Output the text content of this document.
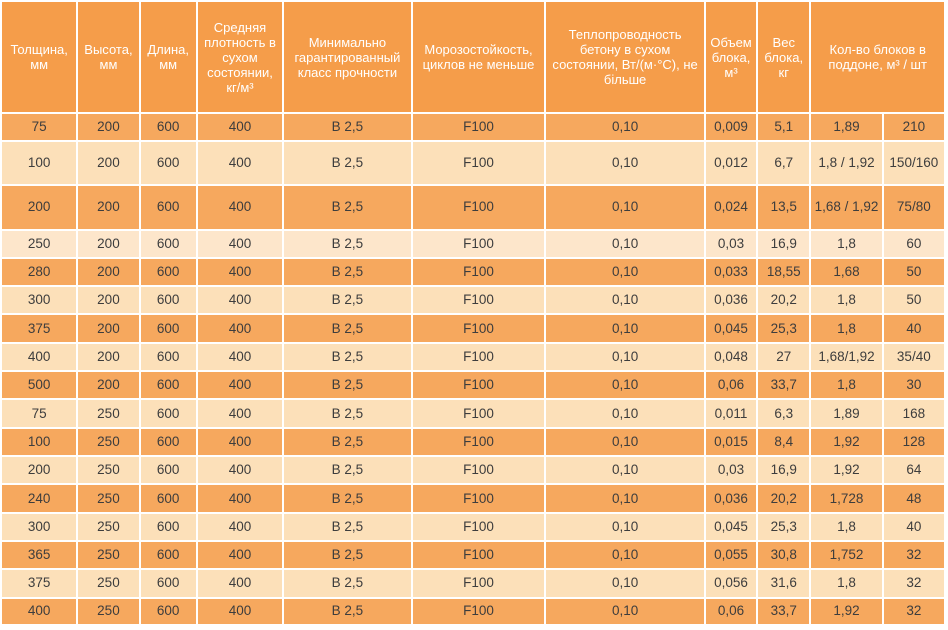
Толщина, мм	Высота, мм	Длина, мм	Средняя плотность в сухом состоянии, кг/м³	Минимально гарантированный класс прочности	Морозостойкость, циклов не меньше	Теплопроводность бетону в сухом состоянии, Вт/(м·°С), не більше	Объем блока, м³	Вес блока, кг	Кол-во блоков в поддоне, м³ / шт	
75	200	600	400	В 2,5	F100	0,10	0,009	5,1	1,89	210
100	200	600	400	В 2,5	F100	0,10	0,012	6,7	1,8 / 1,92	150/160
200	200	600	400	В 2,5	F100	0,10	0,024	13,5	1,68 / 1,92	75/80
250	200	600	400	В 2,5	F100	0,10	0,03	16,9	1,8	60
280	200	600	400	В 2,5	F100	0,10	0,033	18,55	1,68	50
300	200	600	400	В 2,5	F100	0,10	0,036	20,2	1,8	50
375	200	600	400	В 2,5	F100	0,10	0,045	25,3	1,8	40
400	200	600	400	В 2,5	F100	0,10	0,048	27	1,68/1,92	35/40
500	200	600	400	В 2,5	F100	0,10	0,06	33,7	1,8	30
75	250	600	400	В 2,5	F100	0,10	0,011	6,3	1,89	168
100	250	600	400	В 2,5	F100	0,10	0,015	8,4	1,92	128
200	250	600	400	В 2,5	F100	0,10	0,03	16,9	1,92	64
240	250	600	400	В 2,5	F100	0,10	0,036	20,2	1,728	48
300	250	600	400	В 2,5	F100	0,10	0,045	25,3	1,8	40
365	250	600	400	В 2,5	F100	0,10	0,055	30,8	1,752	32
375	250	600	400	В 2,5	F100	0,10	0,056	31,6	1,8	32
400	250	600	400	В 2,5	F100	0,10	0,06	33,7	1,92	32
